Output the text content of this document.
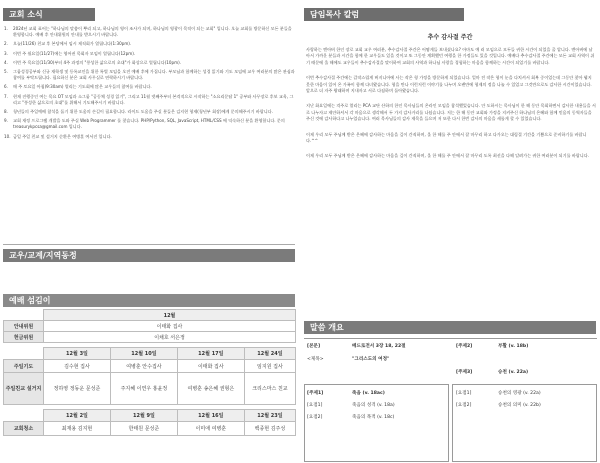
교회 소식
1. 2024년 교회 표어는 "하나님의 말씀이 뿌리 되고, 하나님의 영이 조사가 되며, 하나님의 영광이 목적이 되는 교회" 입니다. 오늘 교회를 방문하신 모든 분들을 환영합니다. 예배 후 안내위원의 안내를 받으시기 바랍니다.
2. 오늘(11/26) 친교 후 본당에서 임시 제직회가 열립니다(1:30pm).
3. 이번 주 월요일(11/27)에는 영어권 목회자 모임이 열립니다(12pm).
4. 이번 주 목요일(11/30)부터 4주 과정의 "풍성한 삶으로의 초대"가 화상으로 열립니다(10pm).
5. 그룹성경공부와 신규 재학생 및 등록교인을 위한 특별 모임을 오전 예배 후에 가집니다. 부모님과 함께하는 성경 읽기와 기도 모임에 교우 여러분의 많은 관심과 참여를 부탁드립니다. 필요하신 분은 교회 사무실로 연락하시기 바랍니다.
6. 매 주 토요일 아침(9:30am) 열리는 기도회에 많은 교우들의 참여를 바랍니다.
7. 현재 진행중인 여는 목요 OT 모임과 소그룹 "공동체 성경 읽기", 그리고 11월 넷째주부터 본격적으로 시작하는 "소요리문답 1" 공부와 사무장로 후보 교육, 그리고 "풍성한 삶으로의 초대"를 위해서 기도해주시기 바랍니다.
8. 청년들의 주일예배 참석을 돕기 위한 도움의 손길이 필요합니다. 라이드 도움을 주실 분들은 김지현 형제(청년부 회장)에게 문의해주시기 바랍니다.
9. 교회 재정 프로그램 개발을 도와 주실 Web Programmer 를 찾습니다. PHP/Python, SQL, JavaScript, HTML/CSS 에 익숙하신 분을 환영합니다. 문의 treasurykpcsa@gmail.com 입니다.
10. 금일 주일 친교 및 설거지 순환은 여병훈 여서진 입니다.
교우/교계/지역동정
예배 섬김이
	12월			
안내위원	이태화 집사			
헌금위원	이채호 서은정			

	12월 3일	12월 10일	12월 17일	12월 24일
주일기도	김수현 집사	여병훈 안수집사	이태화 집사	임지원 집사
주일친교 설거지	정하영 정동운 문성준	주지혜 이연우 홍윤정	여병훈 송은혜 권형은	크리스마스 친교

	12월 2일	12월 9일	12월 16일	12월 23일
교회청소	최재용 김지현	한태원 문성준	이미애 여병훈	백종현 김주성
담임목사 칼럼
추수 감사절 주간

사랑하는 엔아버 한인 장로 교회 교우 여러분, 추수감사절 주간은 어떻게들 보내셨나요? 아마도 예 러 모임으로 모두들 귀한 시간이 되었을 줄 압니다. 엔아버에 남아서 가까운 분들과 시간을 함께 한 교우들도 있을 것이고 또 그동안 계획했던 여행을 한 가정들도 있을 것입니다. 예배다 추수감사절 주간에는 모든 교회 사역이 쉬기 때문에 올 해에도 교우들이 추수감사절을 맞이하여 교회의 사역과 하나님 사랑을 경험하는 마음을 함께하는 시간이 되었기를 바랍니다.

이번 추수감사절 주간에는 갑작스럽게 버지니아에 사는 작은 형 가정을 방문하게 되었습니다. 얼마 전 작은 형이 눈을 다치셔서 회복 중이었는데 그동안 찾아 뵙지 못한 마음이 있어 온 가족이 함께 다녀왔습니다. 형을 만나 이런저런 이야기를 나누며 오랜만에 형제의 정을 나눌 수 있었고 그것만으로도 감사한 시간이었습니다. 앞으로 더 자주 왕래하며 지내자고 서로 다짐하며 돌아왔습니다.

지난 화요일에는 격주로 열리는 PCA 교단 산하의 한인 목사님들의 온라인 모임을 참석했었습니다. 안 도하시는 목사님이 한 해 동안 목회하면서 감사한 내용들을 서로 나누자고 제안하셔서 각 마음으로 생각해서 두 가지 감사거리를 나눴습니다. 저는 한 해 동안 교회와 가정을 지켜주신 하나님의 은혜와 함께 믿음의 동역자들을 주신 것에 감사하다고 나누었습니다. 여러 목사님들의 감사 제목을 들으며 저 또한 다시 한번 감사의 마음을 새롭게 할 수 있었습니다.

이제 우리 모두 주님께 받은 은혜에 감사하는 마음을 깊이 간직하며, 올 한 해를 주 안에서 잘 마무리 하고 다가오는 대림절 기간을 기쁨으로 준비하기를 바랍니다.^^

이제 우리 모두 주님께 받은 은혜에 감사하는 마음을 깊이 간직하며, 올 한 해를 주 안에서 잘 마무리 도록 최선을 다해 달려가는 귀한 여러분이 되기를 바랍니다.

말씀 개요
[본문]	베드로전서 3장 18, 22절	[주제2]	부활 (v. 18b)
<제목>	"그리스도의 여정"
[주제3]	승천 (v. 22a)
[주제1]	죽음 (v. 18ac)
[요점1]	죽음의 성격 (v. 18a)
[요점2]	죽음의 목적 (v. 18c)
[요점1]	승천의 영광 (v. 22a)
[요점2]	승천의 의미 (v. 22b)
